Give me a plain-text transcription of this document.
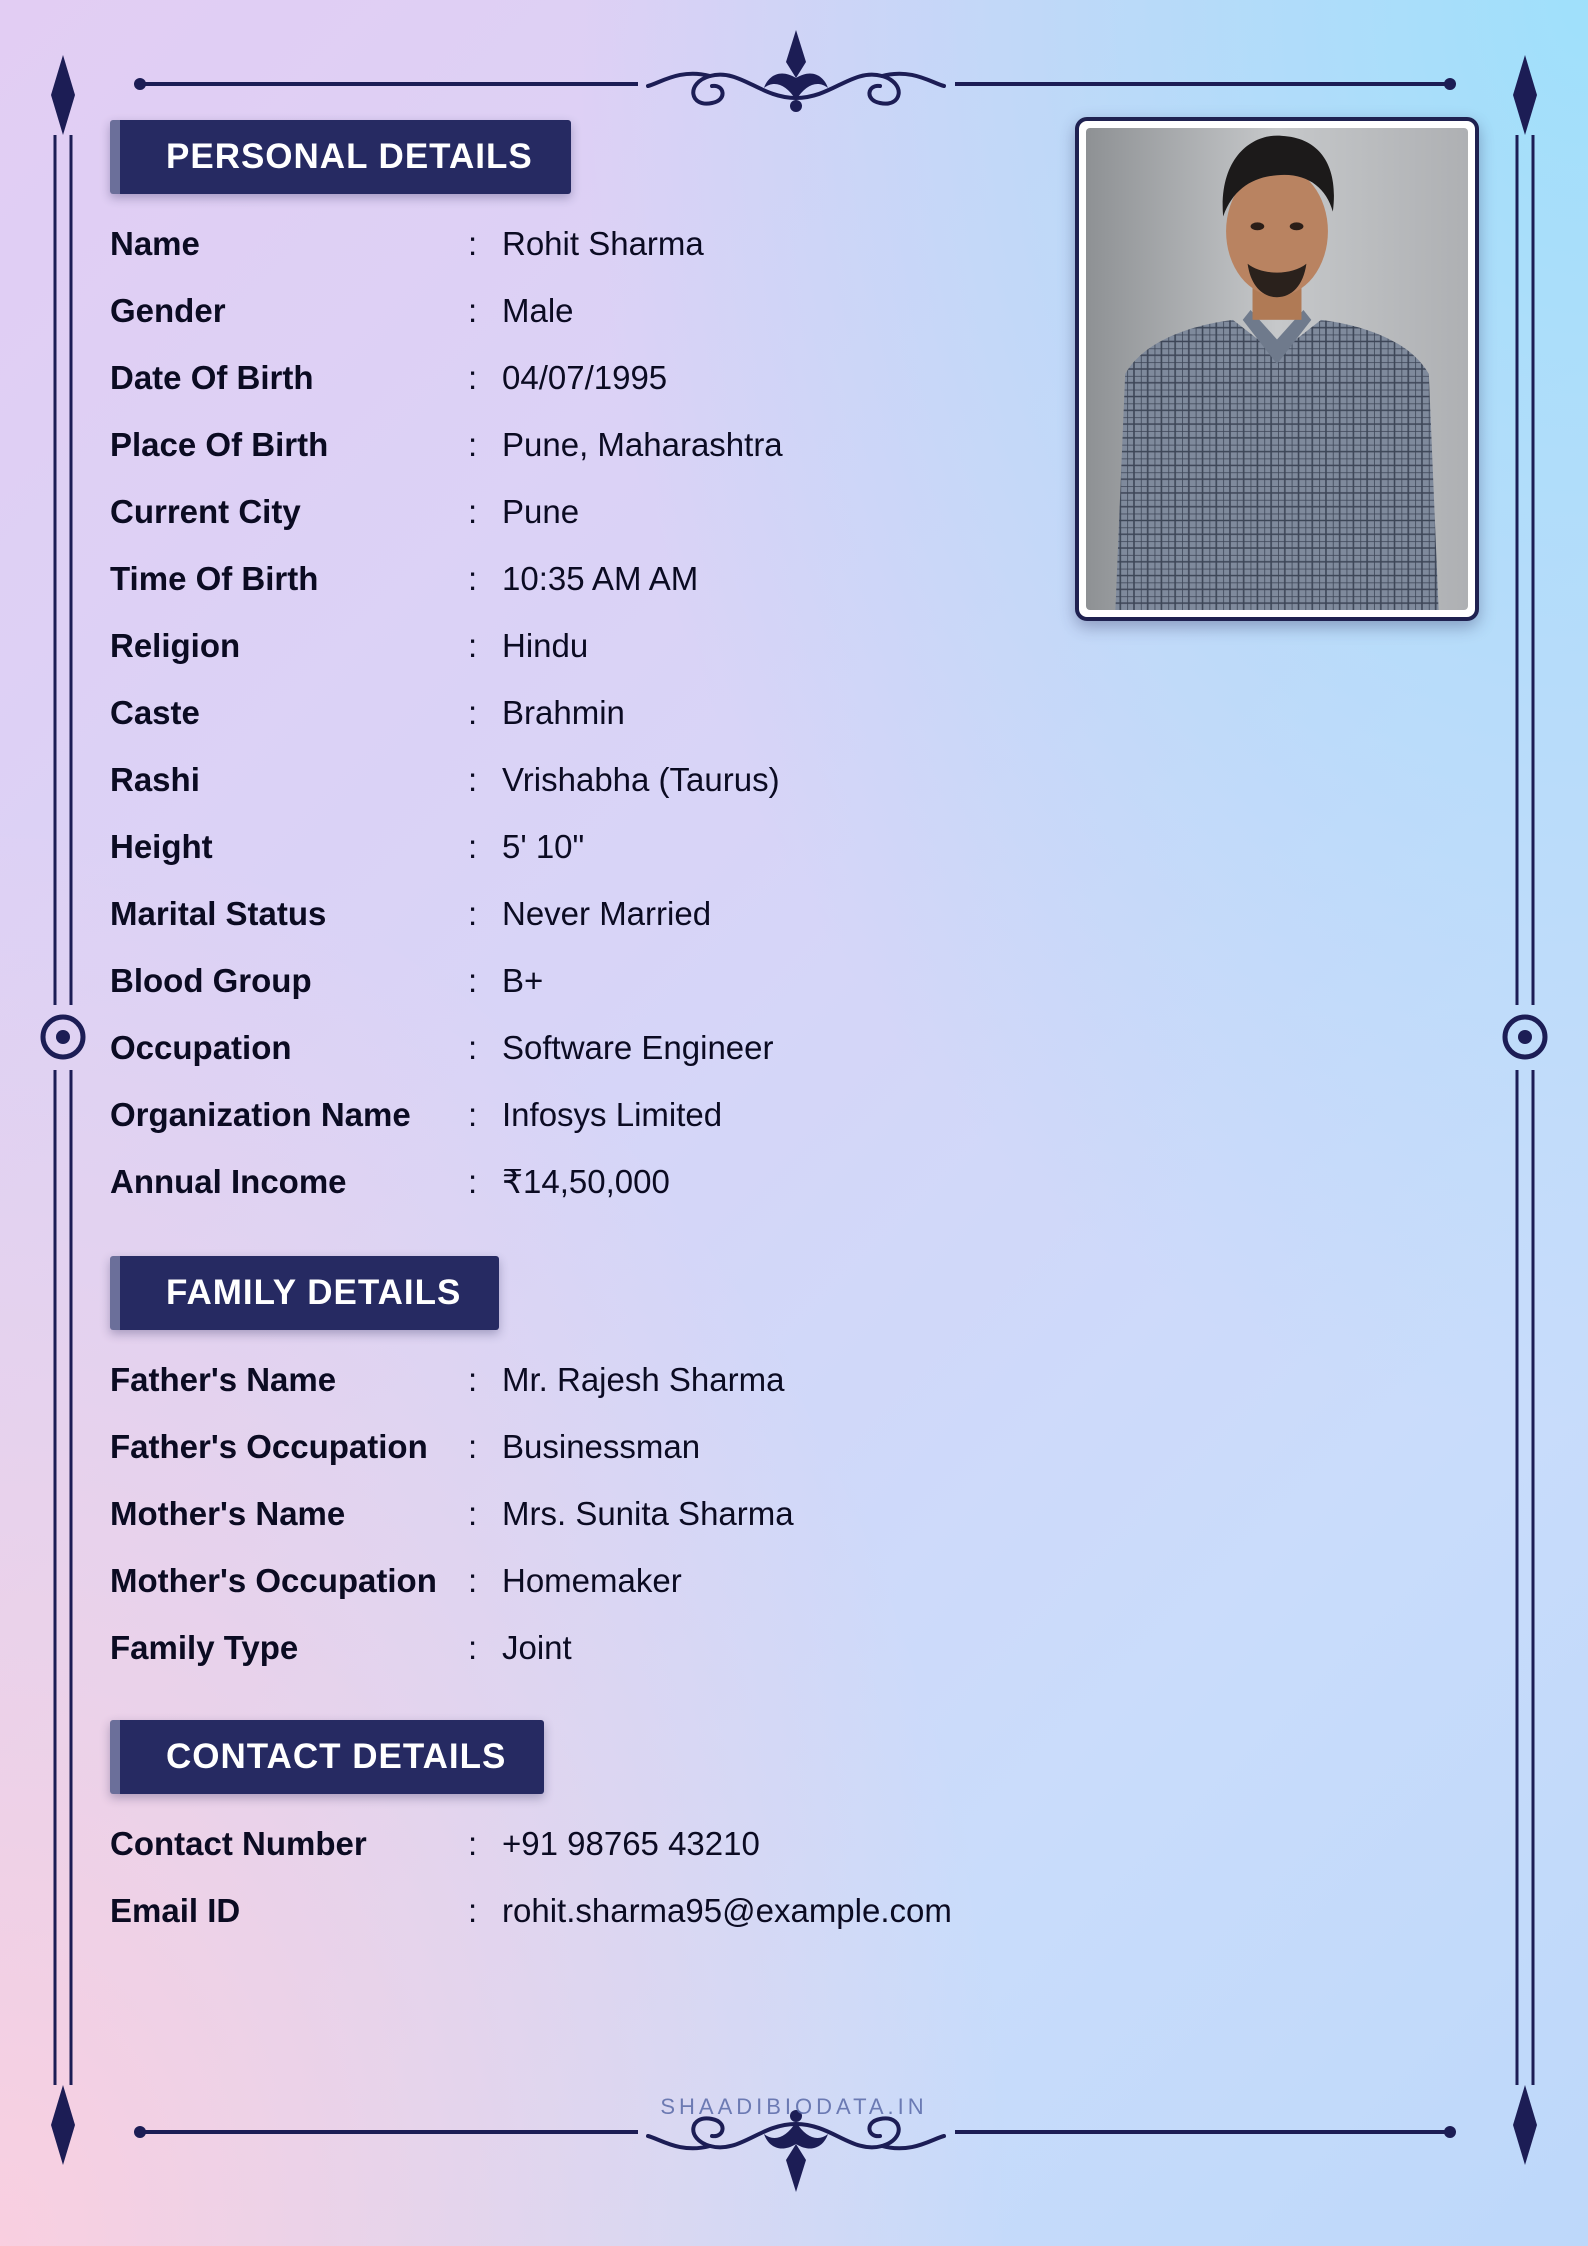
PERSONAL DETAILS
Name	: Rohit Sharma
Gender	: Male
Date Of Birth	: 04/07/1995
Place Of Birth	: Pune, Maharashtra
Current City	: Pune
Time Of Birth	: 10:35 AM AM
Religion	: Hindu
Caste	: Brahmin
Rashi	: Vrishabha (Taurus)
Height	: 5' 10"
Marital Status	: Never Married
Blood Group	: B+
Occupation	: Software Engineer
Organization Name	: Infosys Limited
Annual Income	: ₹14,50,000
FAMILY DETAILS
Father's Name	: Mr. Rajesh Sharma
Father's Occupation	: Businessman
Mother's Name	: Mrs. Sunita Sharma
Mother's Occupation : Homemaker
Family Type	: Joint
CONTACT DETAILS
Contact Number	: +91 98765 43210
Email ID	: rohit.sharma95@example.com
SHAADIBIODATA.IN
